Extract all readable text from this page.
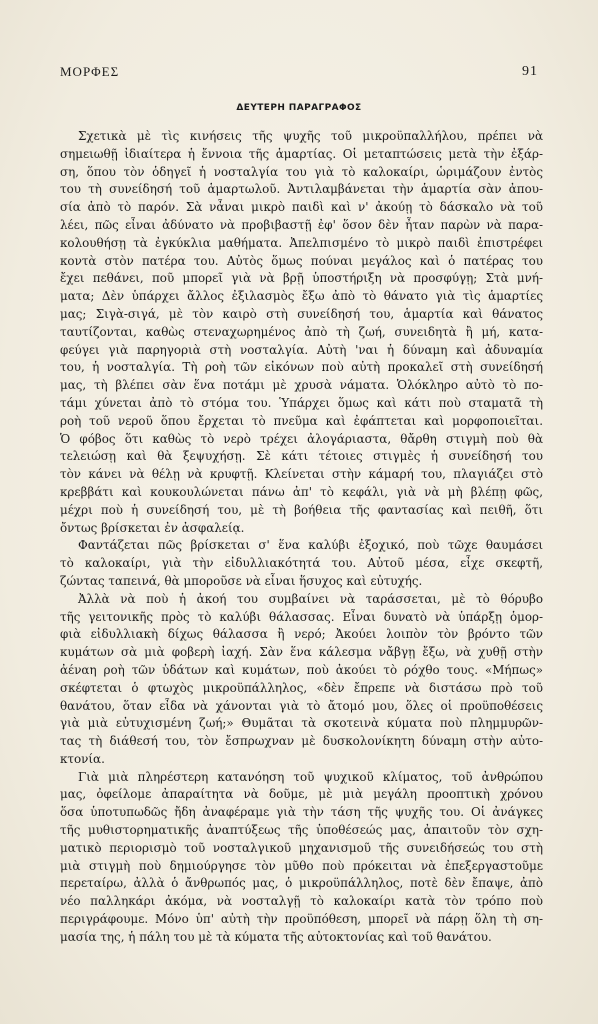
ΜΟΡΦΕΣ	91
ΔΕΥΤΕΡΗ ΠΑΡΑΓΡΑΦΟΣ
Σχετικὰ μὲ τὶς κινήσεις τῆς ψυχῆς τοῦ μικροϋπαλλήλου, πρέπει νὰ
σημειωθῇ ἰδιαίτερα ἡ ἔννοια τῆς ἁμαρτίας. Οἱ μεταπτώσεις μετὰ τὴν ἐξάρ-
ση, ὅπου τὸν ὁδηγεῖ ἡ νοσταλγία του γιὰ τὸ καλοκαίρι, ὡριμάζουν ἐντὸς
του τὴ συνείδησή τοῦ ἁμαρτωλοῦ. Ἀντιλαμβάνεται τὴν ἁμαρτία σὰν ἀπου-
σία ἀπὸ τὸ παρόν. Σὰ νἆναι μικρὸ παιδὶ καὶ ν' ἀκούῃ τὸ δάσκαλο νὰ τοῦ
λέει, πῶς εἶναι ἀδύνατο νὰ προβιβαστῇ ἐφ' ὅσον δὲν ἦταν παρὼν νὰ παρα-
κολουθήσῃ τὰ ἐγκύκλια μαθήματα. Ἀπελπισμένο τὸ μικρὸ παιδὶ ἐπιστρέφει
κοντὰ στὸν πατέρα του. Αὐτὸς ὅμως πούναι μεγάλος καὶ ὁ πατέρας του
ἔχει πεθάνει, ποῦ μπορεῖ γιὰ νὰ βρῇ ὑποστήριξη νὰ προσφύγῃ; Στὰ μνή-
ματα; Δὲν ὑπάρχει ἄλλος ἐξιλασμὸς ἔξω ἀπὸ τὸ θάνατο γιὰ τὶς ἁμαρτίες
μας; Σιγὰ-σιγά, μὲ τὸν καιρὸ στὴ συνείδησή του, ἁμαρτία καὶ θάνατος
ταυτίζονται, καθὼς στεναχωρημένος ἀπὸ τὴ ζωή, συνειδητὰ ἢ μή, κατα-
φεύγει γιὰ παρηγοριὰ στὴ νοσταλγία. Αὐτὴ 'ναι ἡ δύναμη καὶ ἀδυναμία
του, ἡ νοσταλγία. Τὴ ροὴ τῶν εἰκόνων ποὺ αὐτὴ προκαλεῖ στὴ συνείδησή
μας, τὴ βλέπει σὰν ἕνα ποτάμι μὲ χρυσὰ νάματα. Ὁλόκληρο αὐτὸ τὸ πο-
τάμι χύνεται ἀπὸ τὸ στόμα του. Ὑπάρχει ὅμως καὶ κάτι ποὺ σταματᾶ τὴ
ροὴ τοῦ νεροῦ ὅπου ἔρχεται τὸ πνεῦμα καὶ ἐφάπτεται καὶ μορφοποιεῖται.
Ὁ φόβος ὅτι καθὼς τὸ νερὸ τρέχει ἀλογάριαστα, θἄρθη στιγμὴ ποὺ θὰ
τελειώσῃ καὶ θὰ ξεψυχήσῃ. Σὲ κάτι τέτοιες στιγμὲς ἡ συνείδησή του
τὸν κάνει νὰ θέλῃ νὰ κρυφτῇ. Κλείνεται στὴν κάμαρή του, πλαγιάζει στὸ
κρεββάτι καὶ κουκουλώνεται πάνω ἀπ' τὸ κεφάλι, γιὰ νὰ μὴ βλέπῃ φῶς,
μέχρι ποὺ ἡ συνείδησή του, μὲ τὴ βοήθεια τῆς φαντασίας καὶ πειθῆ, ὅτι
ὄντως βρίσκεται ἐν ἀσφαλείᾳ.
Φαντάζεται πῶς βρίσκεται σ' ἕνα καλύβι ἐξοχικό, ποὺ τῶχε θαυμάσει
τὸ καλοκαίρι, γιὰ τὴν εἰδυλλιακότητά του. Αὐτοῦ μέσα, εἶχε σκεφτῆ,
ζώντας ταπεινά, θὰ μποροῦσε νὰ εἶναι ἥσυχος καὶ εὐτυχής.
Ἀλλὰ νὰ ποὺ ἡ ἀκοή του συμβαίνει νὰ ταράσσεται, μὲ τὸ θόρυβο
τῆς γειτονικῆς πρὸς τὸ καλύβι θάλασσας. Εἶναι δυνατὸ νὰ ὑπάρξῃ ὁμορ-
φιὰ εἰδυλλιακὴ δίχως θάλασσα ἢ νερό; Ἀκούει λοιπὸν τὸν βρόντο τῶν
κυμάτων σὰ μιὰ φοβερὴ ἰαχή. Σὰν ἕνα κάλεσμα νἄβγῃ ἔξω, νὰ χυθῇ στὴν
ἀέναη ροὴ τῶν ὑδάτων καὶ κυμάτων, ποὺ ἀκούει τὸ ρόχθο τους. «Μήπως»
σκέφτεται ὁ φτωχὸς μικροϋπάλληλος, «δὲν ἔπρεπε νὰ διστάσω πρὸ τοῦ
θανάτου, ὅταν εἶδα νὰ χάνονται γιὰ τὸ ἄτομό μου, ὅλες οἱ προϋποθέσεις
γιὰ μιὰ εὐτυχισμένη ζωή;» Θυμᾶται τὰ σκοτεινὰ κύματα ποὺ πλημμυρῶν-
τας τὴ διάθεσή του, τὸν ἔσπρωχναν μὲ δυσκολονίκητη δύναμη στὴν αὐτο-
κτονία.
Γιὰ μιὰ πληρέστερη κατανόηση τοῦ ψυχικοῦ κλίματος, τοῦ ἀνθρώπου
μας, ὀφείλομε ἀπαραίτητα νὰ δοῦμε, μὲ μιὰ μεγάλη προοπτικὴ χρόνου
ὅσα ὑποτυπωδῶς ἤδη ἀναφέραμε γιὰ τὴν τάση τῆς ψυχῆς του. Οἱ ἀνάγκες
τῆς μυθιστορηματικῆς ἀναπτύξεως τῆς ὑποθέσεώς μας, ἀπαιτοῦν τὸν σχη-
ματικὸ περιορισμὸ τοῦ νοσταλγικοῦ μηχανισμοῦ τῆς συνειδήσεώς του στὴ
μιὰ στιγμὴ ποὺ δημιούργησε τὸν μῦθο ποὺ πρόκειται νὰ ἐπεξεργαστοῦμε
περεταίρω, ἀλλὰ ὁ ἄνθρωπός μας, ὁ μικροϋπάλληλος, ποτὲ δὲν ἔπαψε, ἀπὸ
νέο παλληκάρι ἀκόμα, νὰ νοσταλγῇ τὸ καλοκαίρι κατὰ τὸν τρόπο ποὺ
περιγράφουμε. Μόνο ὑπ' αὐτὴ τὴν προϋπόθεση, μπορεῖ νὰ πάρῃ ὅλη τὴ ση-
μασία της, ἡ πάλη του μὲ τὰ κύματα τῆς αὐτοκτονίας καὶ τοῦ θανάτου.
